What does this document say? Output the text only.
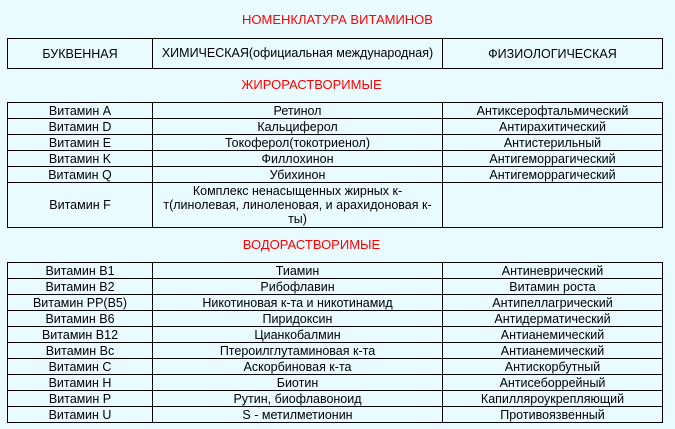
НОМЕНКЛАТУРА ВИТАМИНОВ
БУКВЕННАЯ	ХИМИЧЕСКАЯ(официальная международная)	ФИЗИОЛОГИЧЕСКАЯ
ЖИРОРАСТВОРИМЫЕ
Витамин А	Ретинол	Антиксерофтальмический
Витамин D	Кальциферол	Антирахитический
Витамин E	Токоферол(токотриенол)	Антистерильный
Витамин K	Филлохинон	Антигеморрагический
Витамин Q	Убихинон	Антигеморрагический
Витамин F	Комплекс ненасыщенных жирных к-т(линолевая, линоленовая, и арахидоновая к-ты)	
ВОДОРАСТВОРИМЫЕ
Витамин В1	Тиамин	Антиневрический
Витамин В2	Рибофлавин	Витамин роста
Витамин РР(В5)	Никотиновая к-та и никотинамид	Антипеллагрический
Витамин В6	Пиридоксин	Антидерматический
Витамин В12	Цианкобалмин	Антианемический
Витамин Вс	Птероилглутаминовая к-та	Антианемический
Витамин С	Аскорбиновая к-та	Антискорбутный
Витамин Н	Биотин	Антисеборрейный
Витамин Р	Рутин, биофлавоноид	Капилляроукрепляющий
Витамин U	S - метилметионин	Противоязвенный
